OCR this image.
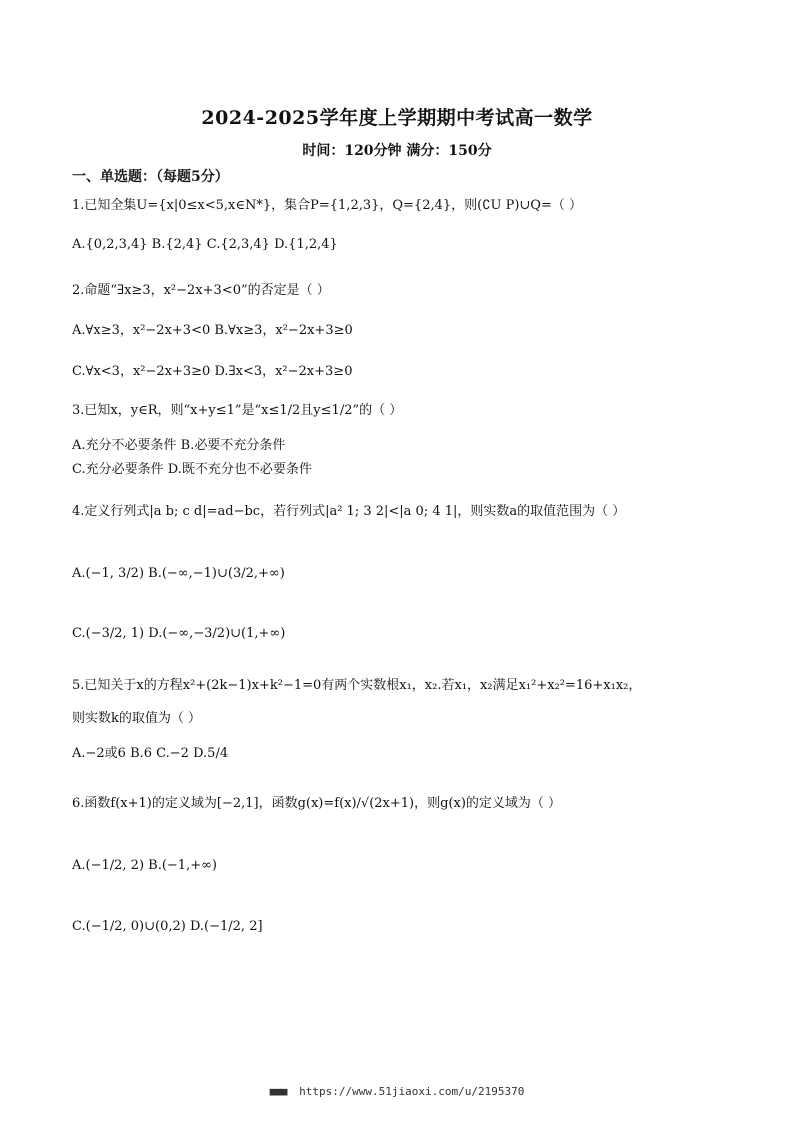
2024-2025学年度上学期期中考试高一数学
时间：120分钟 满分：150分
一、单选题：（每题5分）
1.已知全集U={x|0≤x<5,x∈N*}，集合P={1,2,3}，Q={2,4}，则(∁U P)∪Q=（ ）
A.{0,2,3,4} B.{2,4} C.{2,3,4} D.{1,2,4}
2.命题“∃x≥3，x²−2x+3<0”的否定是（ ）
A.∀x≥3，x²−2x+3<0 B.∀x≥3，x²−2x+3≥0
C.∀x<3，x²−2x+3≥0 D.∃x<3，x²−2x+3≥0
3.已知x，y∈R，则“x+y≤1”是“x≤1/2且y≤1/2”的（ ）
A.充分不必要条件 B.必要不充分条件
C.充分必要条件 D.既不充分也不必要条件
4.定义行列式|a b; c d|=ad−bc，若行列式|a² 1; 3 2|<|a 0; 4 1|，则实数a的取值范围为（ ）
A.(−1, 3/2) B.(−∞,−1)∪(3/2,+∞)
C.(−3/2, 1) D.(−∞,−3/2)∪(1,+∞)
5.已知关于x的方程x²+(2k−1)x+k²−1=0有两个实数根x₁，x₂.若x₁，x₂满足x₁²+x₂²=16+x₁x₂，
则实数k的取值为（ ）
A.−2或6 B.6 C.−2 D.5/4
6.函数f(x+1)的定义域为[−2,1]，函数g(x)=f(x)/√(2x+1)，则g(x)的定义域为（ ）
A.(−1/2, 2) B.(−1,+∞)
C.(−1/2, 0)∪(0,2) D.(−1/2, 2]
■■■ https://www.51jiaoxi.com/u/2195370
